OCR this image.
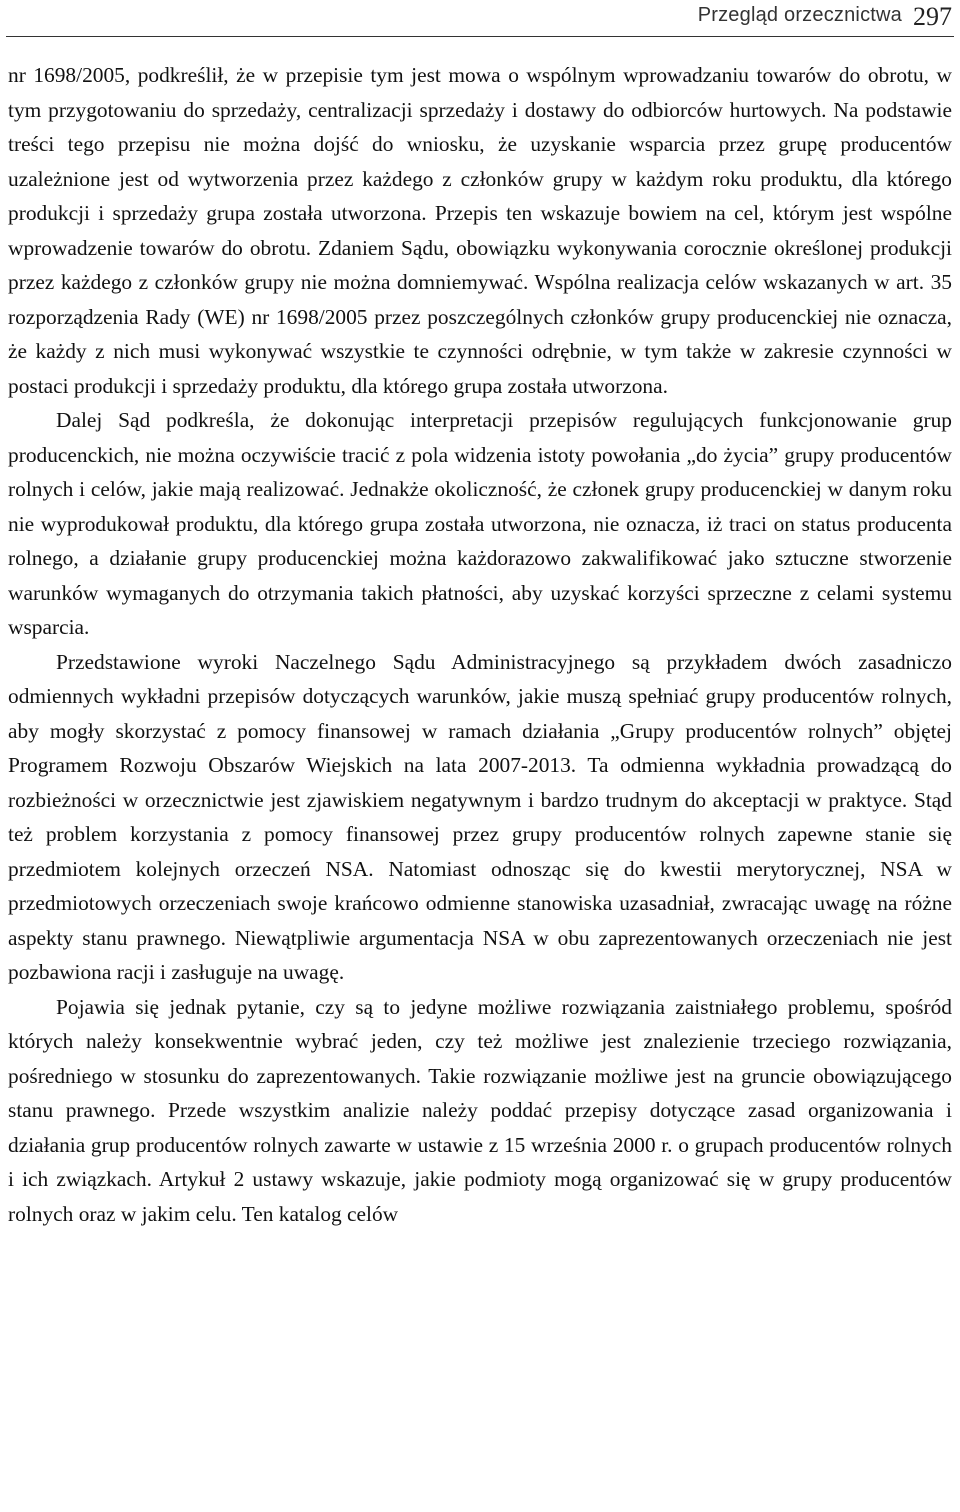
Przegląd orzecznictwa 297

nr 1698/2005, podkreślił, że w przepisie tym jest mowa o wspólnym wprowadzaniu towarów do obrotu, w tym przygotowaniu do sprzedaży, centralizacji sprzedaży i dostawy do odbiorców hurtowych. Na podstawie treści tego przepisu nie można dojść do wniosku, że uzyskanie wsparcia przez grupę producentów uzależnione jest od wytworzenia przez każdego z członków grupy w każdym roku produktu, dla którego produkcji i sprzedaży grupa została utworzona. Przepis ten wskazuje bowiem na cel, którym jest wspólne wprowadzenie towarów do obrotu. Zdaniem Sądu, obowiązku wykonywania corocznie określonej produkcji przez każdego z członków grupy nie można domniemywać. Wspólna realizacja celów wskazanych w art. 35 rozporządzenia Rady (WE) nr 1698/2005 przez poszczególnych członków grupy producenckiej nie oznacza, że każdy z nich musi wykonywać wszystkie te czynności odrębnie, w tym także w zakresie czynności w postaci produkcji i sprzedaży produktu, dla którego grupa została utworzona.

Dalej Sąd podkreśla, że dokonując interpretacji przepisów regulujących funkcjonowanie grup producenckich, nie można oczywiście tracić z pola widzenia istoty powołania „do życia” grupy producentów rolnych i celów, jakie mają realizować. Jednakże okoliczność, że członek grupy producenckiej w danym roku nie wyprodukował produktu, dla którego grupa została utworzona, nie oznacza, iż traci on status producenta rolnego, a działanie grupy producenckiej można każdorazowo zakwalifikować jako sztuczne stworzenie warunków wymaganych do otrzymania takich płatności, aby uzyskać korzyści sprzeczne z celami systemu wsparcia.

Przedstawione wyroki Naczelnego Sądu Administracyjnego są przykładem dwóch zasadniczo odmiennych wykładni przepisów dotyczących warunków, jakie muszą spełniać grupy producentów rolnych, aby mogły skorzystać z pomocy finansowej w ramach działania „Grupy producentów rolnych” objętej Programem Rozwoju Obszarów Wiejskich na lata 2007-2013. Ta odmienna wykładnia prowadzącą do rozbieżności w orzecznictwie jest zjawiskiem negatywnym i bardzo trudnym do akceptacji w praktyce. Stąd też problem korzystania z pomocy finansowej przez grupy producentów rolnych zapewne stanie się przedmiotem kolejnych orzeczeń NSA. Natomiast odnosząc się do kwestii merytorycznej, NSA w przedmiotowych orzeczeniach swoje krańcowo odmienne stanowiska uzasadniał, zwracając uwagę na różne aspekty stanu prawnego. Niewątpliwie argumentacja NSA w obu zaprezentowanych orzeczeniach nie jest pozbawiona racji i zasługuje na uwagę.

Pojawia się jednak pytanie, czy są to jedyne możliwe rozwiązania zaistniałego problemu, spośród których należy konsekwentnie wybrać jeden, czy też możliwe jest znalezienie trzeciego rozwiązania, pośredniego w stosunku do zaprezentowanych. Takie rozwiązanie możliwe jest na gruncie obowiązującego stanu prawnego. Przede wszystkim analizie należy poddać przepisy dotyczące zasad organizowania i działania grup producentów rolnych zawarte w ustawie z 15 września 2000 r. o grupach producentów rolnych i ich związkach. Artykuł 2 ustawy wskazuje, jakie podmioty mogą organizować się w grupy producentów rolnych oraz w jakim celu. Ten katalog celów
